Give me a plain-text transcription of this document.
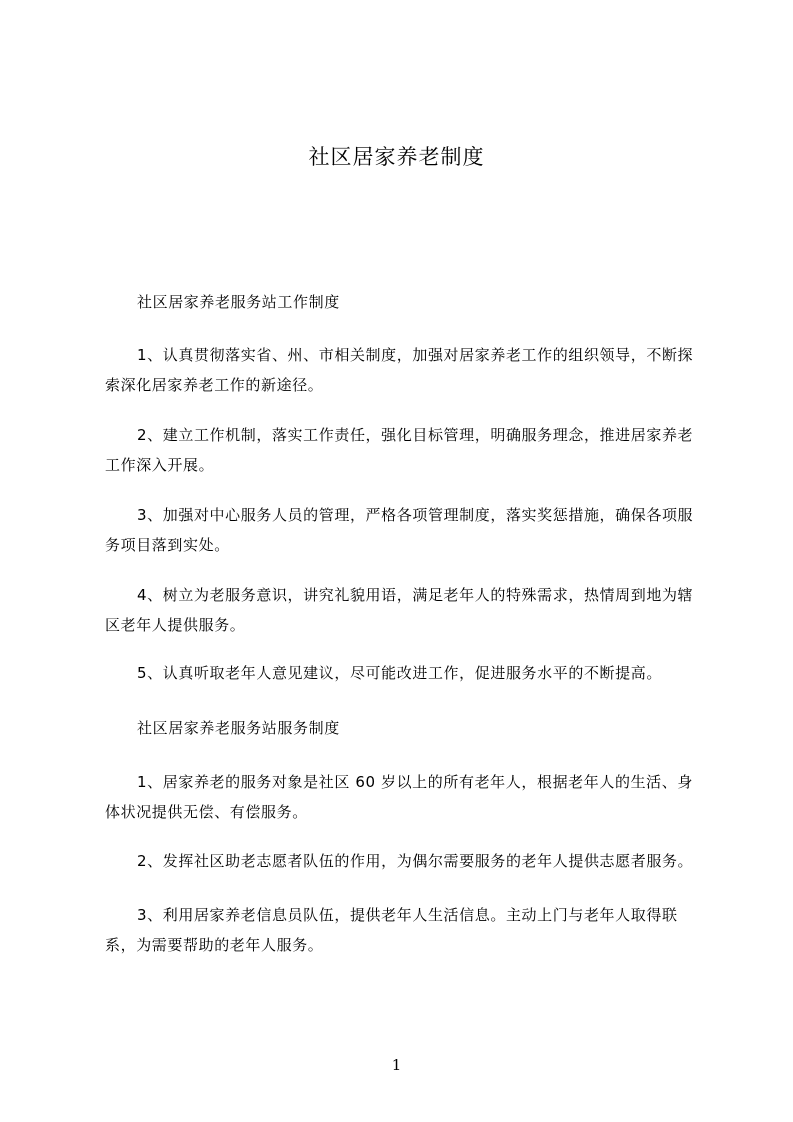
社区居家养老制度
社区居家养老服务站工作制度
1、认真贯彻落实省、州、市相关制度，加强对居家养老工作的组织领导，不断探索深化居家养老工作的新途径。
2、建立工作机制，落实工作责任，强化目标管理，明确服务理念，推进居家养老工作深入开展。
3、加强对中心服务人员的管理，严格各项管理制度，落实奖惩措施，确保各项服务项目落到实处。
4、树立为老服务意识，讲究礼貌用语，满足老年人的特殊需求，热情周到地为辖区老年人提供服务。
5、认真听取老年人意见建议，尽可能改进工作，促进服务水平的不断提高。
社区居家养老服务站服务制度
1、居家养老的服务对象是社区 60 岁以上的所有老年人，根据老年人的生活、身体状况提供无偿、有偿服务。
2、发挥社区助老志愿者队伍的作用，为偶尔需要服务的老年人提供志愿者服务。
3、利用居家养老信息员队伍，提供老年人生活信息。主动上门与老年人取得联系，为需要帮助的老年人服务。
1
